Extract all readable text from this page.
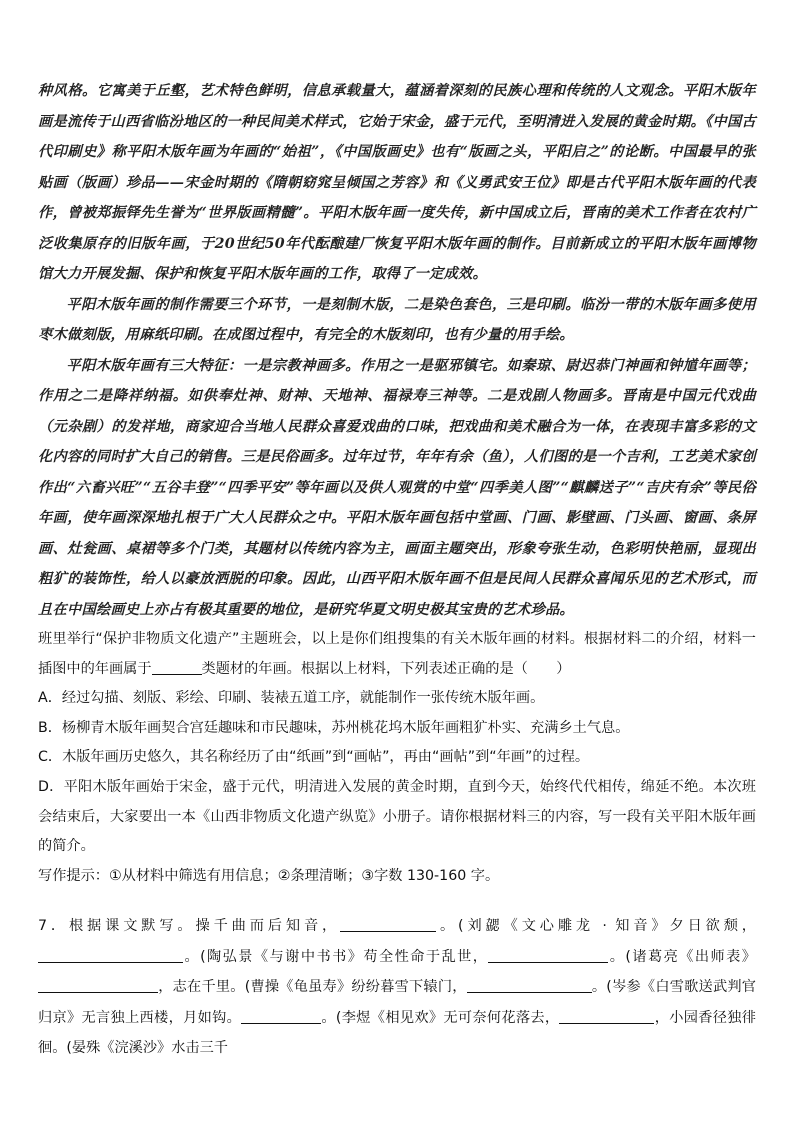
种风格。它寓美于丘壑，艺术特色鲜明，信息承载量大，蕴涵着深刻的民族心理和传统的人文观念。平阳木版年画是流传于山西省临汾地区的一种民间美术样式，它始于宋金，盛于元代，至明清进入发展的黄金时期。《中国古代印刷史》称平阳木版年画为年画的“始祖”，《中国版画史》也有“版画之头，平阳启之”的论断。中国最早的张贴画（版画）珍品——宋金时期的《隋朝窈窕呈倾国之芳容》和《义勇武安王位》即是古代平阳木版年画的代表作，曾被郑振铎先生誉为“世界版画精髓”。平阳木版年画一度失传，新中国成立后，晋南的美术工作者在农村广泛收集原存的旧版年画，于20世纪50年代酝酿建厂恢复平阳木版年画的制作。目前新成立的平阳木版年画博物馆大力开展发掘、保护和恢复平阳木版年画的工作，取得了一定成效。

平阳木版年画的制作需要三个环节，一是刻制木版，二是染色套色，三是印刷。临汾一带的木版年画多使用枣木做刻版，用麻纸印刷。在成图过程中，有完全的木版刻印，也有少量的用手绘。

平阳木版年画有三大特征：一是宗教神画多。作用之一是驱邪镇宅。如秦琼、尉迟恭门神画和钟馗年画等；作用之二是降祥纳福。如供奉灶神、财神、天地神、福禄寿三神等。二是戏剧人物画多。晋南是中国元代戏曲（元杂剧）的发祥地，商家迎合当地人民群众喜爱戏曲的口味，把戏曲和美术融合为一体，在表现丰富多彩的文化内容的同时扩大自己的销售。三是民俗画多。过年过节，年年有余（鱼），人们图的是一个吉利，工艺美术家创作出“六畜兴旺”“五谷丰登”“四季平安”等年画以及供人观赏的中堂“四季美人图”“麒麟送子”“吉庆有余”等民俗年画，使年画深深地扎根于广大人民群众之中。平阳木版年画包括中堂画、门画、影壁画、门头画、窗画、条屏画、灶瓮画、桌裙等多个门类，其题材以传统内容为主，画面主题突出，形象夸张生动，色彩明快艳丽，显现出粗犷的装饰性，给人以豪放洒脱的印象。因此，山西平阳木版年画不但是民间人民群众喜闻乐见的艺术形式，而且在中国绘画史上亦占有极其重要的地位，是研究华夏文明史极其宝贵的艺术珍品。

班里举行“保护非物质文化遗产”主题班会，以上是你们组搜集的有关木版年画的材料。根据材料二的介绍，材料一插图中的年画属于	类题材的年画。根据以上材料，下列表述正确的是（　　）

A．经过勾描、刻版、彩绘、印刷、装裱五道工序，就能制作一张传统木版年画。

B．杨柳青木版年画契合宫廷趣味和市民趣味，苏州桃花坞木版年画粗犷朴实、充满乡土气息。

C．木版年画历史悠久，其名称经历了由“纸画”到“画帖”，再由“画帖”到“年画”的过程。

D．平阳木版年画始于宋金，盛于元代，明清进入发展的黄金时期，直到今天，始终代代相传，绵延不绝。本次班会结束后，大家要出一本《山西非物质文化遗产纵览》小册子。请你根据材料三的内容，写一段有关平阳木版年画的简介。

写作提示：①从材料中筛选有用信息；②条理清晰；③字数 130-160 字。

7．根据课文默写。操千曲而后知音，	。(刘勰《文心雕龙 · 知音》夕日欲颓，。(陶弘景《与谢中书书》苟全性命于乱世，	。(诸葛亮《出师表》，志在千里。(曹操《龟虽寿》纷纷暮雪下辕门，	。(岑参《白雪歌送武判官归京》无言独上西楼，月如钩。	。(李煜《相见欢》无可奈何花落去，	，小园香径独徘徊。(晏殊《浣溪沙》水击三千
